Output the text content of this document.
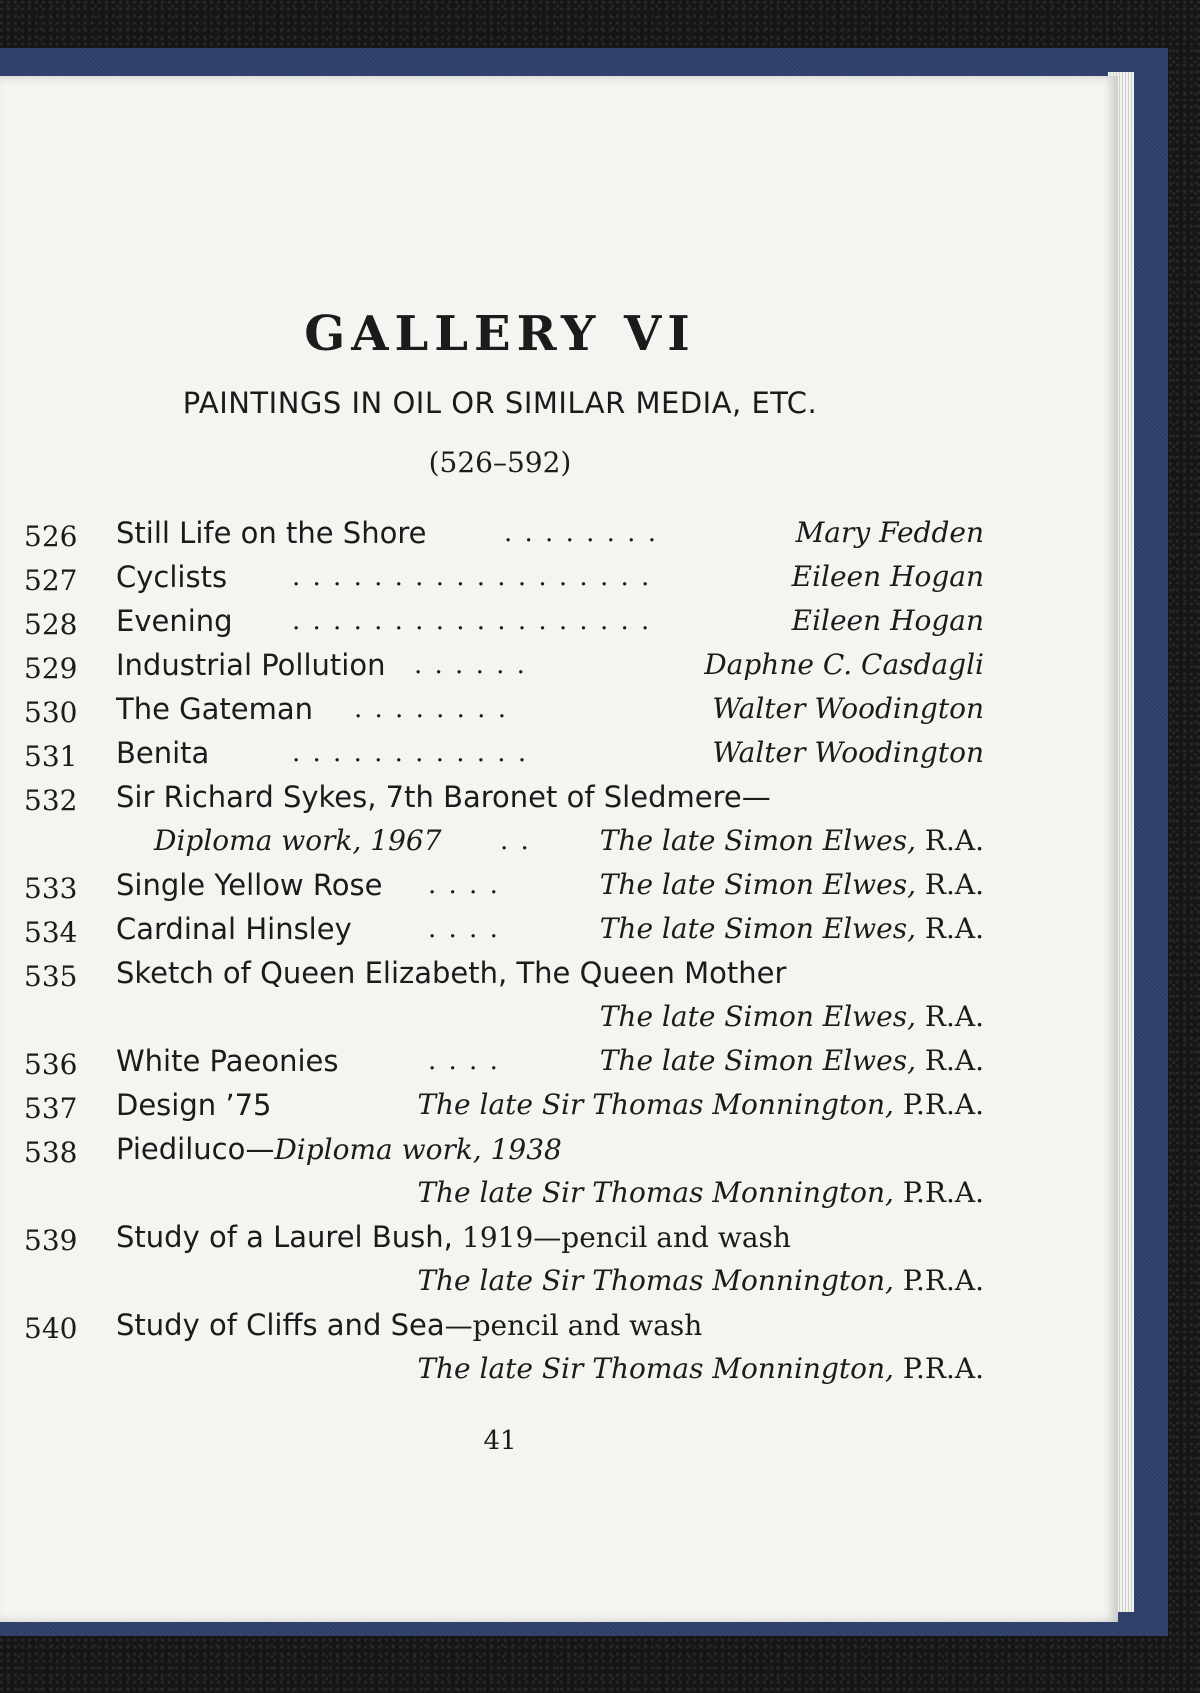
GALLERY VI
PAINTINGS IN OIL OR SIMILAR MEDIA, ETC.
(526–592)
526 Still Life on the Shore	. . . . . . . .	Mary Fedden
527 Cyclists . . . . . . . . . . . . . . . . . .	Eileen Hogan
528 Evening . . . . . . . . . . . . . . . . . .	Eileen Hogan
529 Industrial Pollution . . . . . .	Daphne C. Casdagli
530 The Gateman . . . . . . . .	Walter Woodington
531 Benita	. . . . . . . . . . . .	Walter Woodington
532 Sir Richard Sykes, 7th Baronet of Sledmere—
Diploma work, 1967 . . The late Simon Elwes, R.A.
533 Single Yellow Rose . . . .	The late Simon Elwes, R.A.
534 Cardinal Hinsley	. . . .	The late Simon Elwes, R.A.
535 Sketch of Queen Elizabeth, The Queen Mother
The late Simon Elwes, R.A.
536 White Paeonies	. . . .	The late Simon Elwes, R.A.
537 Design ’75	The late Sir Thomas Monnington, P.R.A.
538 Piediluco—Diploma work, 1938
The late Sir Thomas Monnington, P.R.A.
539 Study of a Laurel Bush, 1919—pencil and wash
The late Sir Thomas Monnington, P.R.A.
540 Study of Cliffs and Sea—pencil and wash
The late Sir Thomas Monnington, P.R.A.
41
